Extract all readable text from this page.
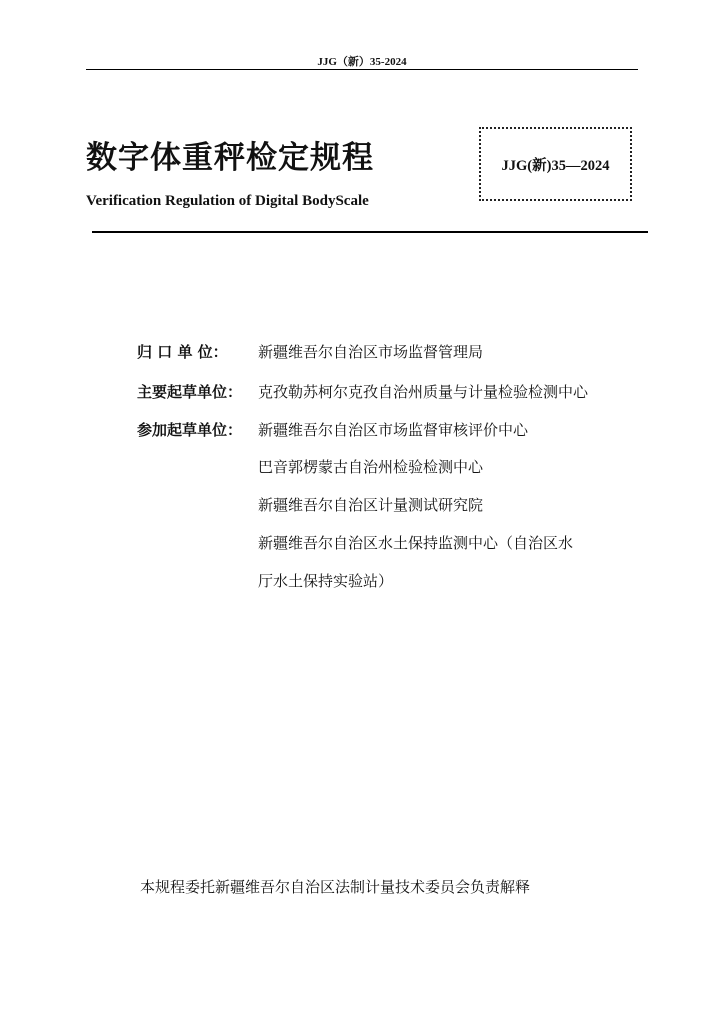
JJG（新）35-2024
数字体重秤检定规程	JJG(新)35—2024
Verification Regulation of Digital BodyScale
归 口 单 位： 新疆维吾尔自治区市场监督管理局
主要起草单位： 克孜勒苏柯尔克孜自治州质量与计量检验检测中心
参加起草单位： 新疆维吾尔自治区市场监督审核评价中心
巴音郭楞蒙古自治州检验检测中心
新疆维吾尔自治区计量测试研究院
新疆维吾尔自治区水土保持监测中心（自治区水
厅水土保持实验站）
本规程委托新疆维吾尔自治区法制计量技术委员会负责解释
